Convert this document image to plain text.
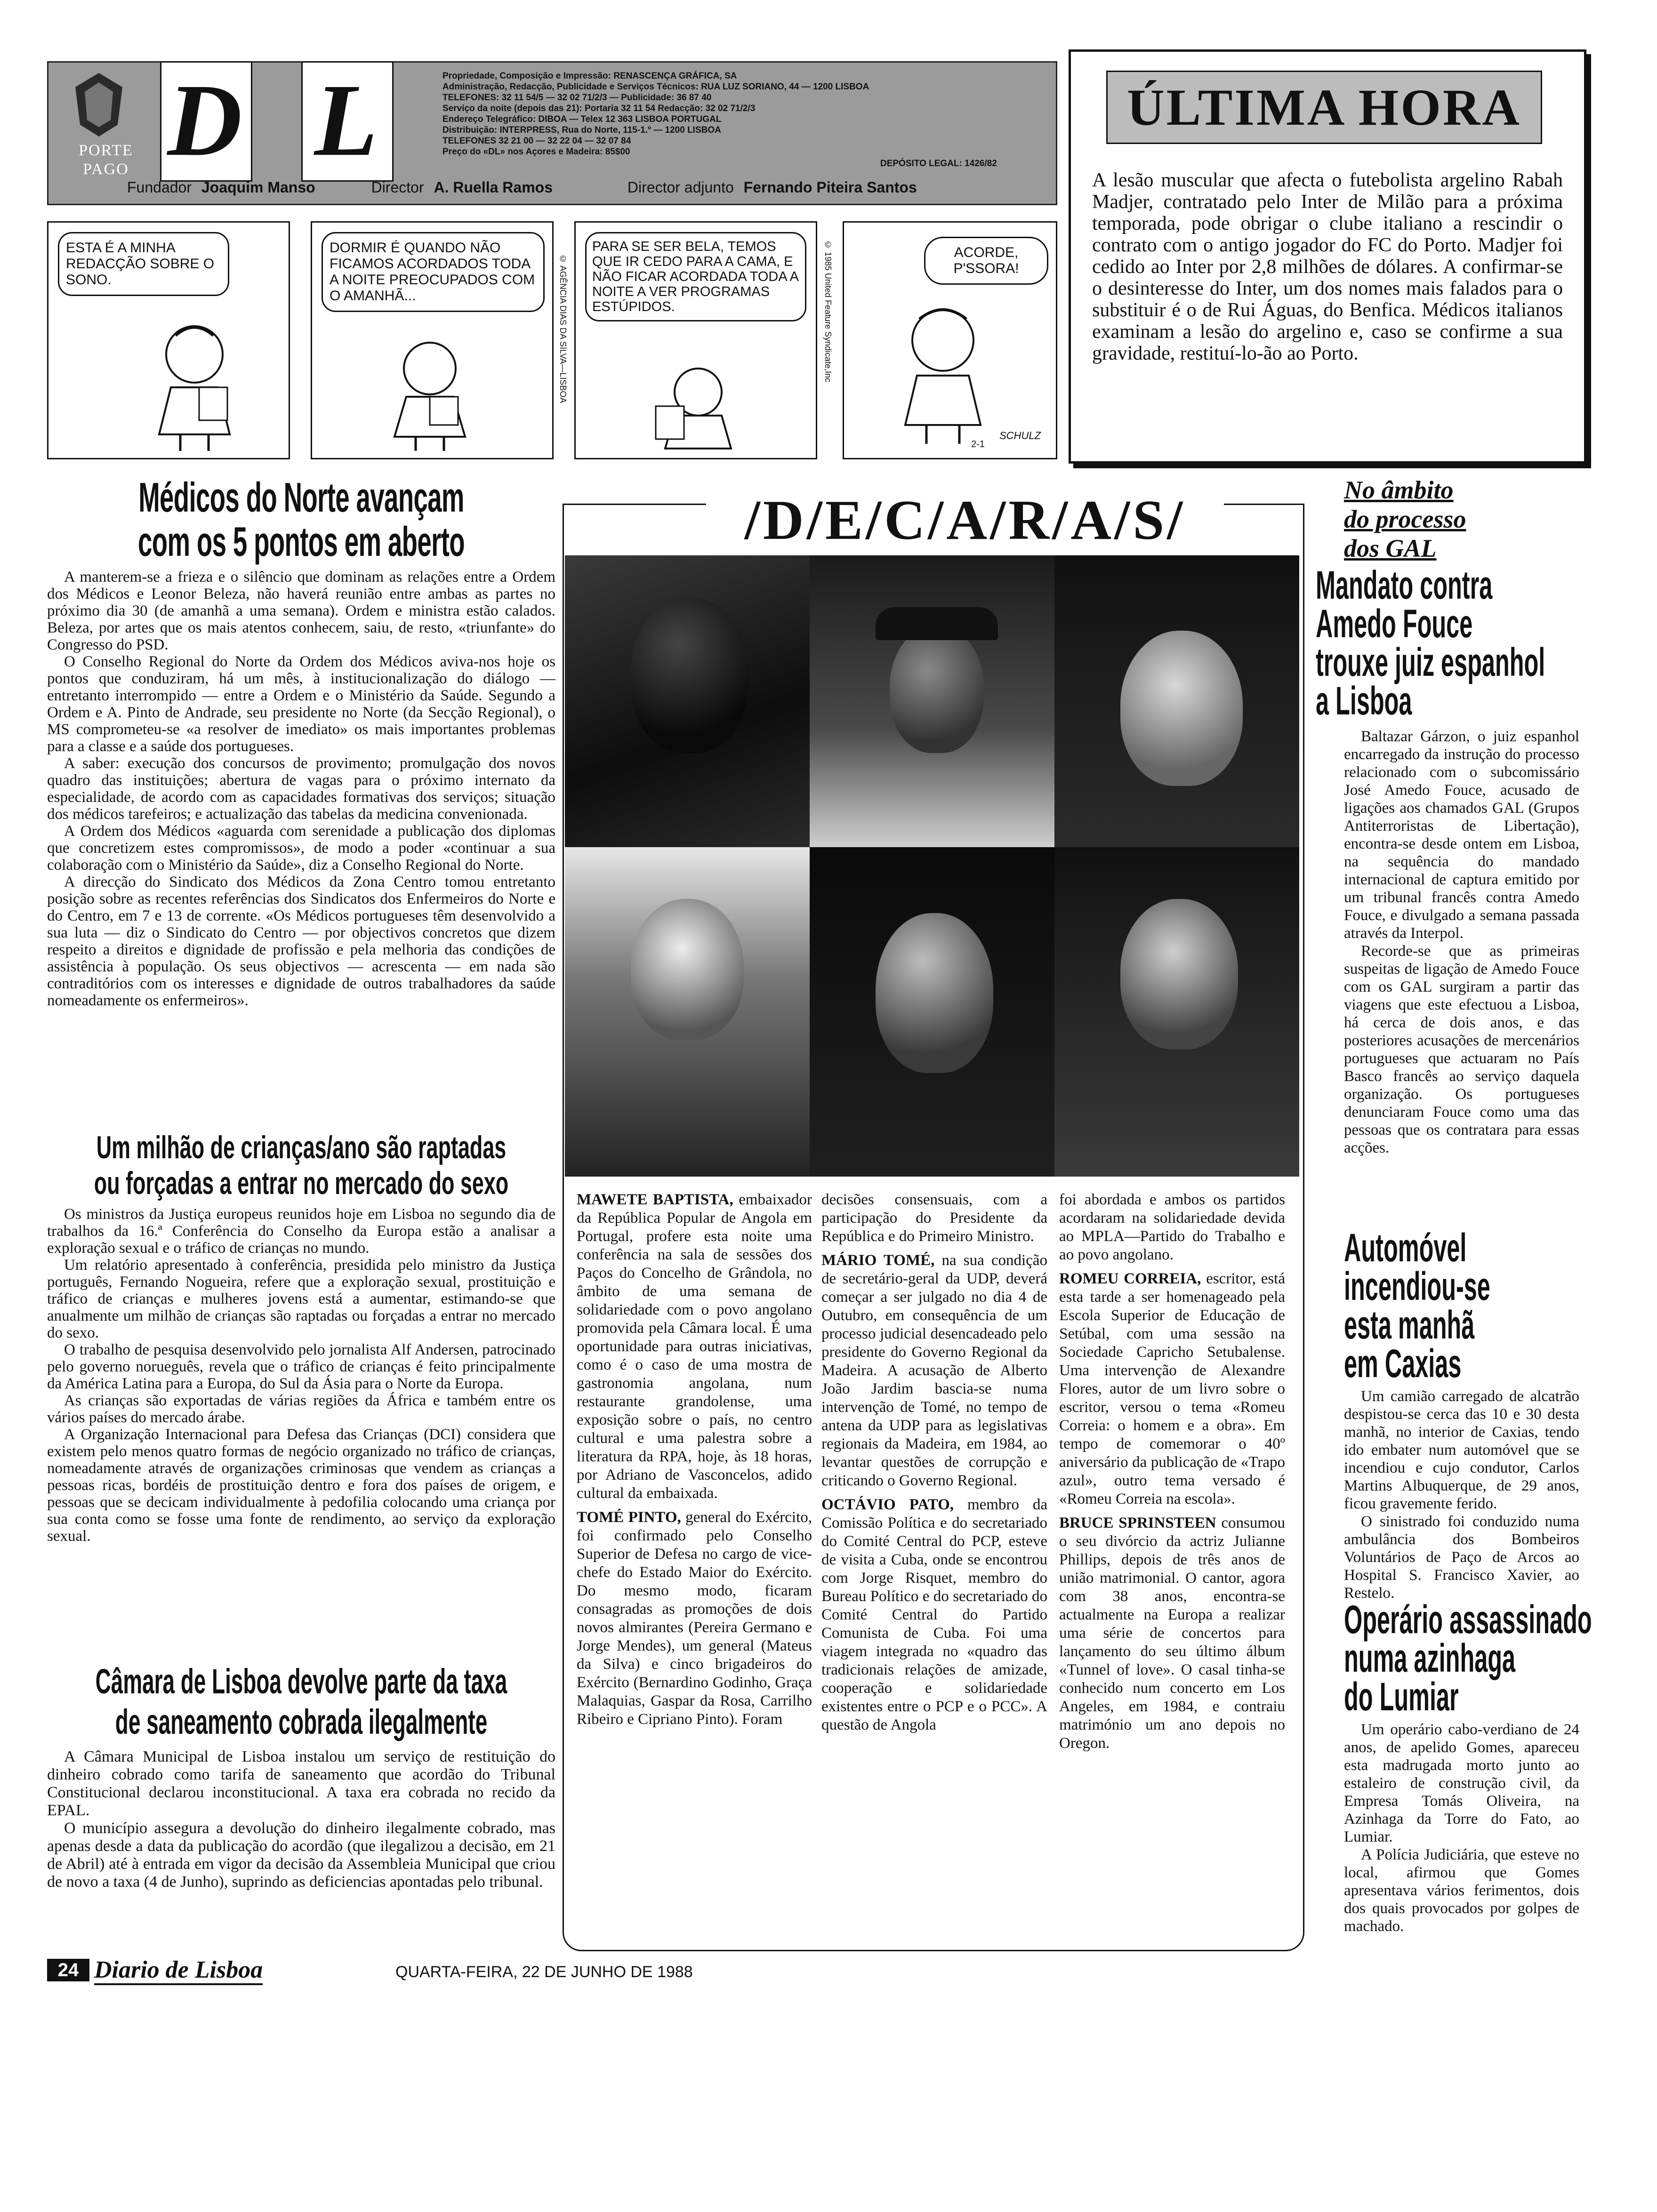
PORTE PAGO D L	Propriedade, Composição e Impressão: RENASCENÇA GRÁFICA, SA
Administração, Redacção, Publicidade e Serviços Técnicos: RUA LUZ SORIANO, 44 — 1200 LISBOA
TELEFONES: 32 11 54/5 — 32 02 71/2/3 — Publicidade: 36 87 40
Serviço da noite (depois das 21): Portaria 32 11 54 Redacção: 32 02 71/2/3
Endereço Telegráfico: DIBOA — Telex 12 363 LISBOA PORTUGAL
Distribuição: INTERPRESS, Rua do Norte, 115-1.º — 1200 LISBOA
TELEFONES 32 21 00 — 32 22 04 — 32 07 84
Preço do «DL» nos Açores e Madeira: 85$00
DEPÓSITO LEGAL: 1426/82
Fundador Joaquim Manso	Director A. Ruella Ramos	Director adjunto Fernando Piteira Santos
ESTA É A MINHA REDACÇÃO SOBRE O SONO.
DORMIR É QUANDO NÃO FICAMOS ACORDADOS TODA A NOITE PREOCUPADOS COM O AMANHÃ...
PARA SE SER BELA, TEMOS QUE IR CEDO PARA A CAMA, E NÃO FICAR ACORDADA TODA A NOITE A VER PROGRAMAS ESTÚPIDOS.
ACORDE, P'SSORA!
SCHULZ
2-1
© 1985 United Feature Syndicate,Inc
© AGÊNCIA DIAS DA SILVA—LISBOA
ÚLTIMA HORA
A lesão muscular que afecta o futebolista argelino Rabah Madjer, contratado pelo Inter de Milão para a próxima temporada, pode obrigar o clube italiano a rescindir o contrato com o antigo jogador do FC do Porto. Madjer foi cedido ao Inter por 2,8 milhões de dólares. A confirmar-se o desinteresse do Inter, um dos nomes mais falados para o substituir é o de Rui Águas, do Benfica. Médicos italianos examinam a lesão do argelino e, caso se confirme a sua gravidade, restituí-lo-ão ao Porto.
Médicos do Norte avançam
com os 5 pontos em aberto

A manterem-se a frieza e o silêncio que dominam as relações entre a Ordem dos Médicos e Leonor Beleza, não haverá reunião entre ambas as partes no próximo dia 30 (de amanhã a uma semana). Ordem e ministra estão calados. Beleza, por artes que os mais atentos conhecem, saiu, de resto, «triunfante» do Congresso do PSD.

O Conselho Regional do Norte da Ordem dos Médicos aviva-nos hoje os pontos que conduziram, há um mês, à institucionalização do diálogo — entretanto interrompido — entre a Ordem e o Ministério da Saúde. Segundo a Ordem e A. Pinto de Andrade, seu presidente no Norte (da Secção Regional), o MS comprometeu-se «a resolver de imediato» os mais importantes problemas para a classe e a saúde dos portugueses.

A saber: execução dos concursos de provimento; promulgação dos novos quadro das instituições; abertura de vagas para o próximo internato da especialidade, de acordo com as capacidades formativas dos serviços; situação dos médicos tarefeiros; e actualização das tabelas da medicina convenionada.

A Ordem dos Médicos «aguarda com serenidade a publicação dos diplomas que concretizem estes compromissos», de modo a poder «continuar a sua colaboração com o Ministério da Saúde», diz a Conselho Regional do Norte.

A direcção do Sindicato dos Médicos da Zona Centro tomou entretanto posição sobre as recentes referências dos Sindicatos dos Enfermeiros do Norte e do Centro, em 7 e 13 de corrente. «Os Médicos portugueses têm desenvolvido a sua luta — diz o Sindicato do Centro — por objectivos concretos que dizem respeito a direitos e dignidade de profissão e pela melhoria das condições de assistência à população. Os seus objectivos — acrescenta — em nada são contraditórios com os interesses e dignidade de outros trabalhadores da saúde nomeadamente os enfermeiros».

Um milhão de crianças/ano são raptadas
ou forçadas a entrar no mercado do sexo

Os ministros da Justiça europeus reunidos hoje em Lisboa no segundo dia de trabalhos da 16.ª Conferência do Conselho da Europa estão a analisar a exploração sexual e o tráfico de crianças no mundo.

Um relatório apresentado à conferência, presidida pelo ministro da Justiça português, Fernando Nogueira, refere que a exploração sexual, prostituição e tráfico de crianças e mulheres jovens está a aumentar, estimando-se que anualmente um milhão de crianças são raptadas ou forçadas a entrar no mercado do sexo.

O trabalho de pesquisa desenvolvido pelo jornalista Alf Andersen, patrocinado pelo governo norueguês, revela que o tráfico de crianças é feito principalmente da América Latina para a Europa, do Sul da Ásia para o Norte da Europa.

As crianças são exportadas de várias regiões da África e também entre os vários países do mercado árabe.

A Organização Internacional para Defesa das Crianças (DCI) considera que existem pelo menos quatro formas de negócio organizado no tráfico de crianças, nomeadamente através de organizações criminosas que vendem as crianças a pessoas ricas, bordéis de prostituição dentro e fora dos países de origem, e pessoas que se decicam individualmente à pedofilia colocando uma criança por sua conta como se fosse uma fonte de rendimento, ao serviço da exploração sexual.

Câmara de Lisboa devolve parte da taxa
de saneamento cobrada ilegalmente

A Câmara Municipal de Lisboa instalou um serviço de restituição do dinheiro cobrado como tarifa de saneamento que acordão do Tribunal Constitucional declarou inconstitucional. A taxa era cobrada no recido da EPAL.

O município assegura a devolução do dinheiro ilegalmente cobrado, mas apenas desde a data da publicação do acordão (que ilegalizou a decisão, em 21 de Abril) até à entrada em vigor da decisão da Assembleia Municipal que criou de novo a taxa (4 de Junho), suprindo as deficiencias apontadas pelo tribunal.

/D/E/C/A/R/A/S/

MAWETE BAPTISTA, embaixador da República Popular de Angola em Portugal, profere esta noite uma conferência na sala de sessões dos Paços do Concelho de Grândola, no âmbito de uma semana de solidariedade com o povo angolano promovida pela Câmara local. É uma oportunidade para outras iniciativas, como é o caso de uma mostra de gastronomia angolana, num restaurante grandolense, uma exposição sobre o país, no centro cultural e uma palestra sobre a literatura da RPA, hoje, às 18 horas, por Adriano de Vasconcelos, adido cultural da embaixada.

TOMÉ PINTO, general do Exército, foi confirmado pelo Conselho Superior de Defesa no cargo de vice-chefe do Estado Maior do Exército. Do mesmo modo, ficaram consagradas as promoções de dois novos almirantes (Pereira Germano e Jorge Mendes), um general (Mateus da Silva) e cinco brigadeiros do Exército (Bernardino Godinho, Graça Malaquias, Gaspar da Rosa, Carrilho Ribeiro e Cipriano Pinto). Foram

decisões consensuais, com a participação do Presidente da República e do Primeiro Ministro.

MÁRIO TOMÉ, na sua condição de secretário-geral da UDP, deverá começar a ser julgado no dia 4 de Outubro, em consequência de um processo judicial desencadeado pelo presidente do Governo Regional da Madeira. A acusação de Alberto João Jardim bascia-se numa intervenção de Tomé, no tempo de antena da UDP para as legislativas regionais da Madeira, em 1984, ao levantar questões de corrupção e criticando o Governo Regional.

OCTÁVIO PATO, membro da Comissão Política e do secretariado do Comité Central do PCP, esteve de visita a Cuba, onde se encontrou com Jorge Risquet, membro do Bureau Político e do secretariado do Comité Central do Partido Comunista de Cuba. Foi uma viagem integrada no «quadro das tradicionais relações de amizade, cooperação e solidariedade existentes entre o PCP e o PCC». A questão de Angola

foi abordada e ambos os partidos acordaram na solidariedade devida ao MPLA—Partido do Trabalho e ao povo angolano.

ROMEU CORREIA, escritor, está esta tarde a ser homenageado pela Escola Superior de Educação de Setúbal, com uma sessão na Sociedade Capricho Setubalense. Uma intervenção de Alexandre Flores, autor de um livro sobre o escritor, versou o tema «Romeu Correia: o homem e a obra». Em tempo de comemorar o 40º aniversário da publicação de «Trapo azul», outro tema versado é «Romeu Correia na escola».

BRUCE SPRINSTEEN consumou o seu divórcio da actriz Julianne Phillips, depois de três anos de união matrimonial. O cantor, agora com 38 anos, encontra-se actualmente na Europa a realizar uma série de concertos para lançamento do seu último álbum «Tunnel of love». O casal tinha-se conhecido num concerto em Los Angeles, em 1984, e contraiu matrimónio um ano depois no Oregon.

No âmbito
do processo
dos GAL
Mandato contra
Amedo Fouce
trouxe juiz espanhol
a Lisboa

Baltazar Gárzon, o juiz espanhol encarregado da instrução do processo relacionado com o subcomissário José Amedo Fouce, acusado de ligações aos chamados GAL (Grupos Antiterroristas de Libertação), encontra-se desde ontem em Lisboa, na sequência do mandado internacional de captura emitido por um tribunal francês contra Amedo Fouce, e divulgado a semana passada através da Interpol.

Recorde-se que as primeiras suspeitas de ligação de Amedo Fouce com os GAL surgiram a partir das viagens que este efectuou a Lisboa, há cerca de dois anos, e das posteriores acusações de mercenários portugueses que actuaram no País Basco francês ao serviço daquela organização. Os portugueses denunciaram Fouce como uma das pessoas que os contratara para essas acções.

Automóvel
incendiou-se
esta manhã
em Caxias

Um camião carregado de alcatrão despistou-se cerca das 10 e 30 desta manhã, no interior de Caxias, tendo ido embater num automóvel que se incendiou e cujo condutor, Carlos Martins Albuquerque, de 29 anos, ficou gravemente ferido.

O sinistrado foi conduzido numa ambulância dos Bombeiros Voluntários de Paço de Arcos ao Hospital S. Francisco Xavier, ao Restelo.

Operário assassinado
numa azinhaga
do Lumiar

Um operário cabo-verdiano de 24 anos, de apelido Gomes, apareceu esta madrugada morto junto ao estaleiro de construção civil, da Empresa Tomás Oliveira, na Azinhaga da Torre do Fato, ao Lumiar.

A Polícia Judiciária, que esteve no local, afirmou que Gomes apresentava vários ferimentos, dois dos quais provocados por golpes de machado.

24 Diario de Lisboa	QUARTA-FEIRA, 22 DE JUNHO DE 1988
